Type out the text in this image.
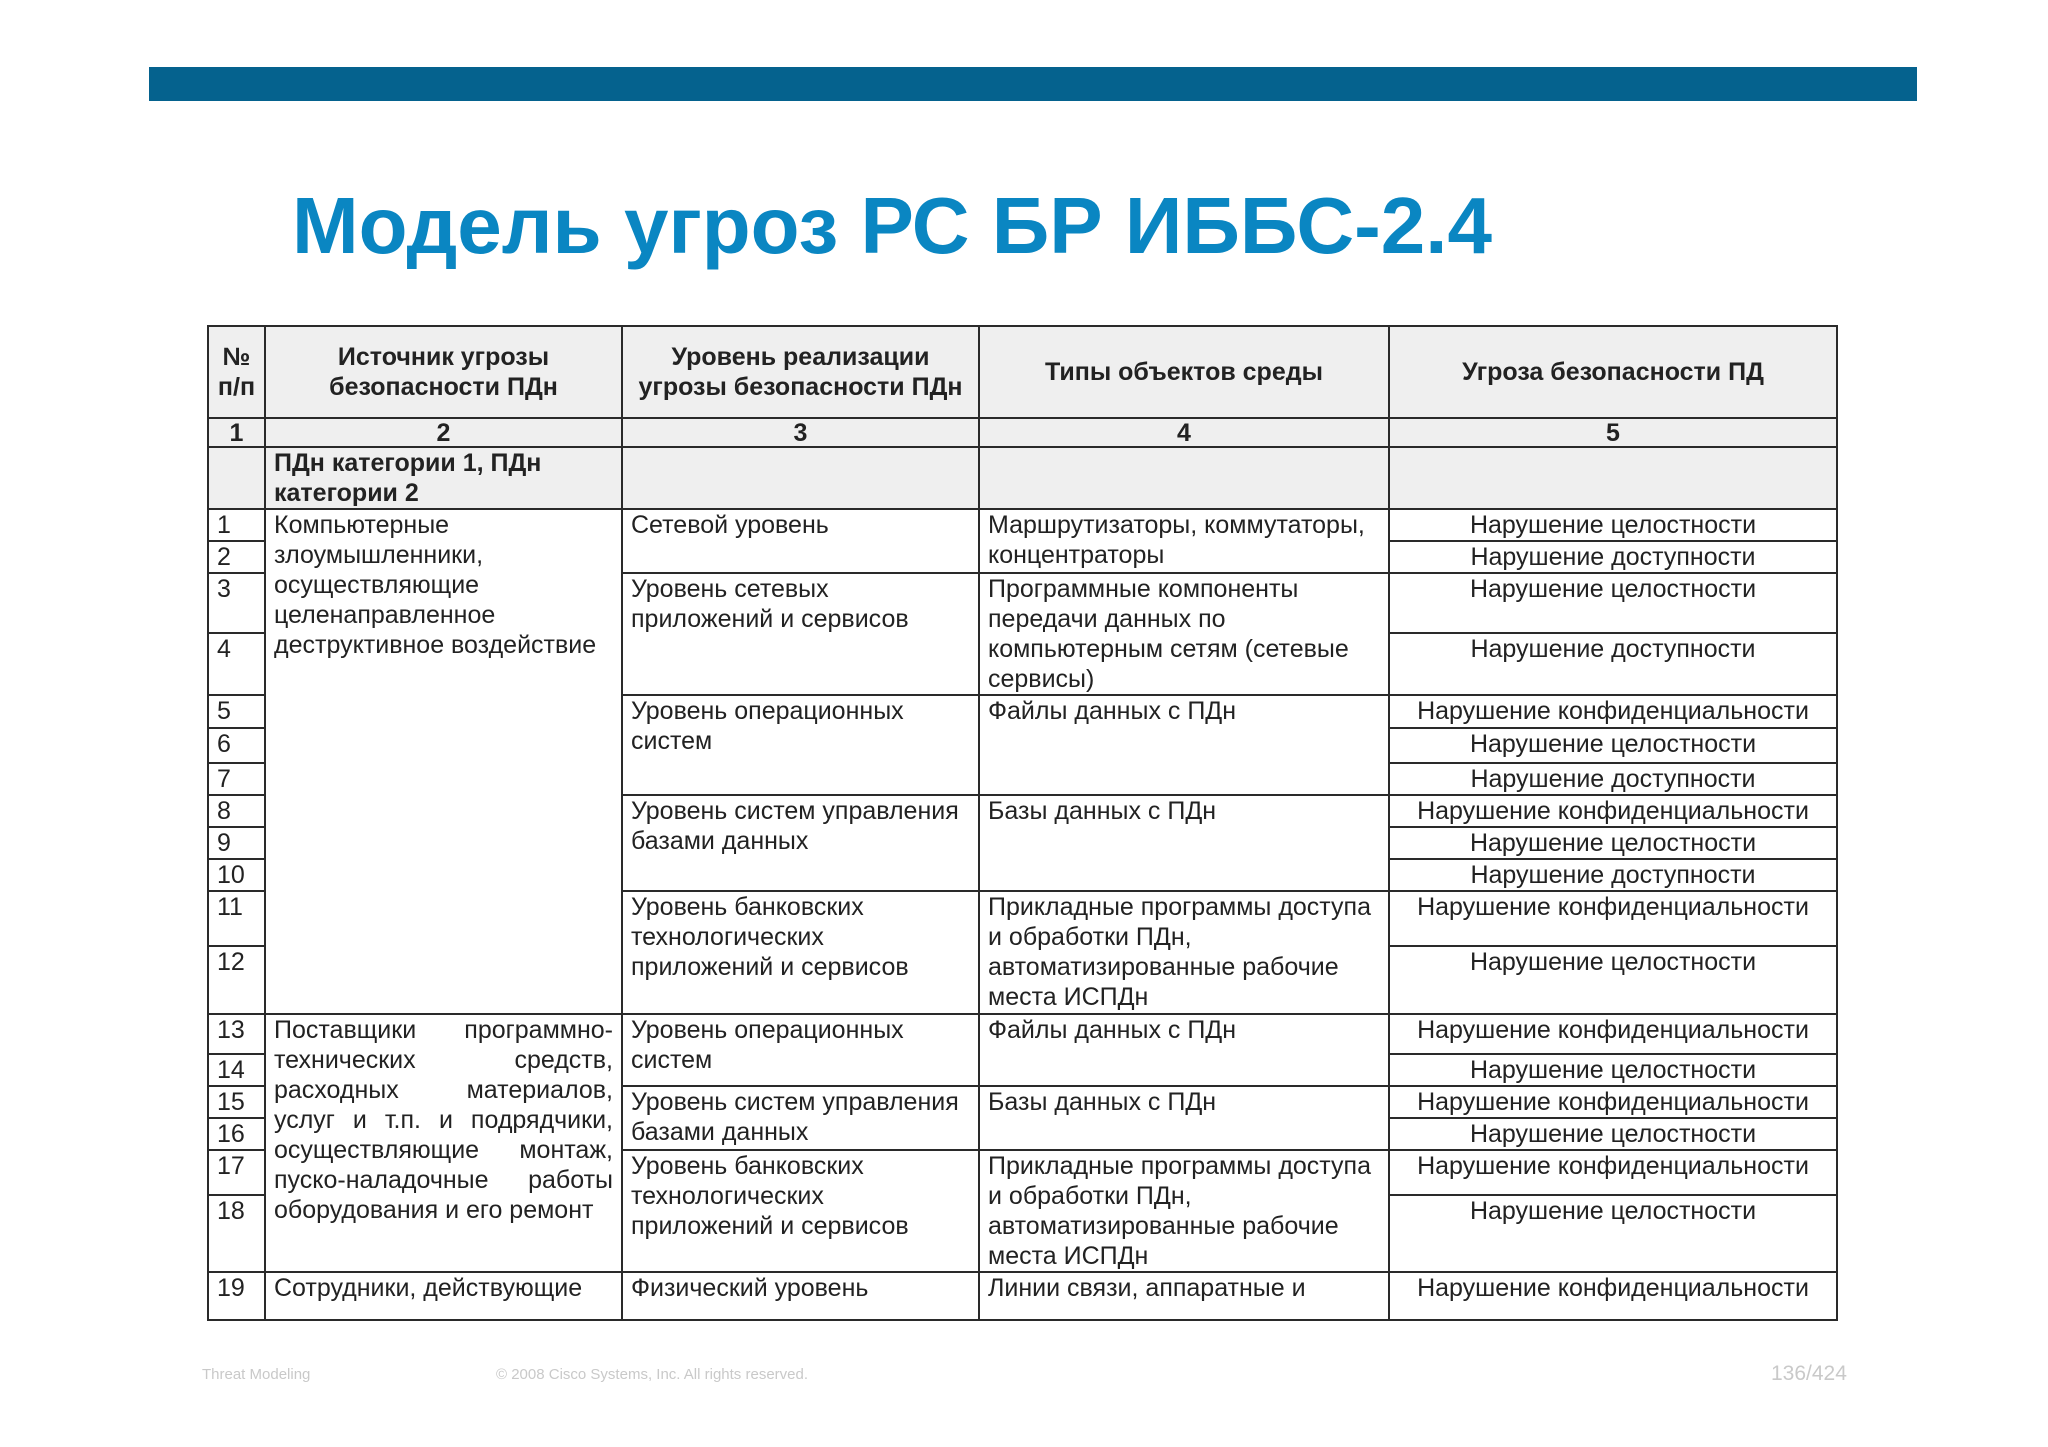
Модель угроз РС БР ИББС-2.4
№ п/п	Источник угрозы безопасности ПДн	Уровень реализации угрозы безопасности ПДн	Типы объектов среды	Угроза безопасности ПД
1	2	3	4	5
	ПДн категории 1, ПДн категории 2			
1	Компьютерные злоумышленники, осуществляющие целенаправленное деструктивное воздействие	Сетевой уровень	Маршрутизаторы, коммутаторы, концентраторы	Нарушение целостности
2				Нарушение доступности
3		Уровень сетевых приложений и сервисов	Программные компоненты передачи данных по компьютерным сетям (сетевые сервисы)	Нарушение целостности
4				Нарушение доступности
5		Уровень операционных систем	Файлы данных с ПДн	Нарушение конфиденциальности
6				Нарушение целостности
7				Нарушение доступности
8		Уровень систем управления базами данных	Базы данных с ПДн	Нарушение конфиденциальности
9				Нарушение целостности
10				Нарушение доступности
11		Уровень банковских технологических приложений и сервисов	Прикладные программы доступа и обработки ПДн, автоматизированные рабочие места ИСПДн	Нарушение конфиденциальности
12				Нарушение целостности
13	Поставщики программно-технических средств, расходных материалов, услуг и т.п. и подрядчики, осуществляющие монтаж, пуско-наладочные работы оборудования и его ремонт	Уровень операционных систем	Файлы данных с ПДн	Нарушение конфиденциальности
14				Нарушение целостности
15		Уровень систем управления базами данных	Базы данных с ПДн	Нарушение конфиденциальности
16				Нарушение целостности
17		Уровень банковских технологических приложений и сервисов	Прикладные программы доступа и обработки ПДн, автоматизированные рабочие места ИСПДн	Нарушение конфиденциальности
18				Нарушение целостности
19	Сотрудники, действующие	Физический уровень	Линии связи, аппаратные и	Нарушение конфиденциальности
Threat Modeling	© 2008 Cisco Systems, Inc. All rights reserved.	136/424
